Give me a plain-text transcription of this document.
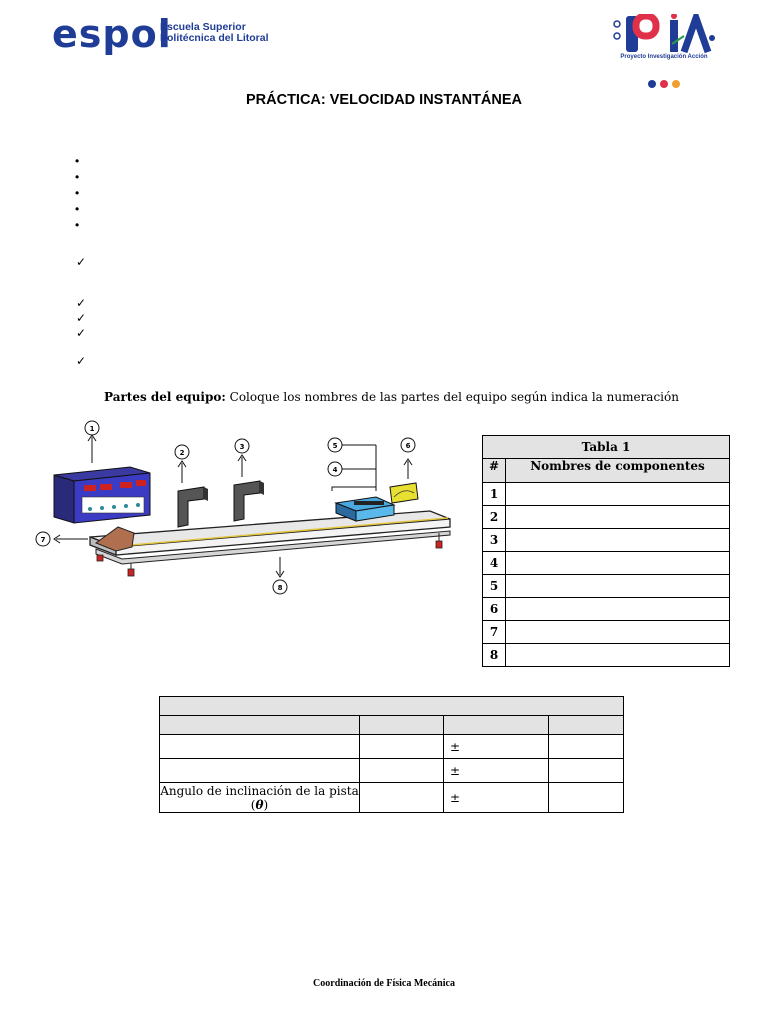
espol
Escuela Superior
Politécnica del Litoral
Proyecto Investigación Acción
PRÁCTICA: VELOCIDAD INSTANTÁNEA
•
•
•
•
•
✓
✓
✓
✓
✓
Partes del equipo: Coloque los nombres de las partes del equipo según indica la numeración
1
2
3	5
4
6
7
8
Tabla 1	
#	Nombres de componentes
1	
2	
3	
4	
5	
6	
7	
8	

		±	
		±	
Angulo de inclinación de la pista (θ)		±	
Coordinación de Física Mecánica
